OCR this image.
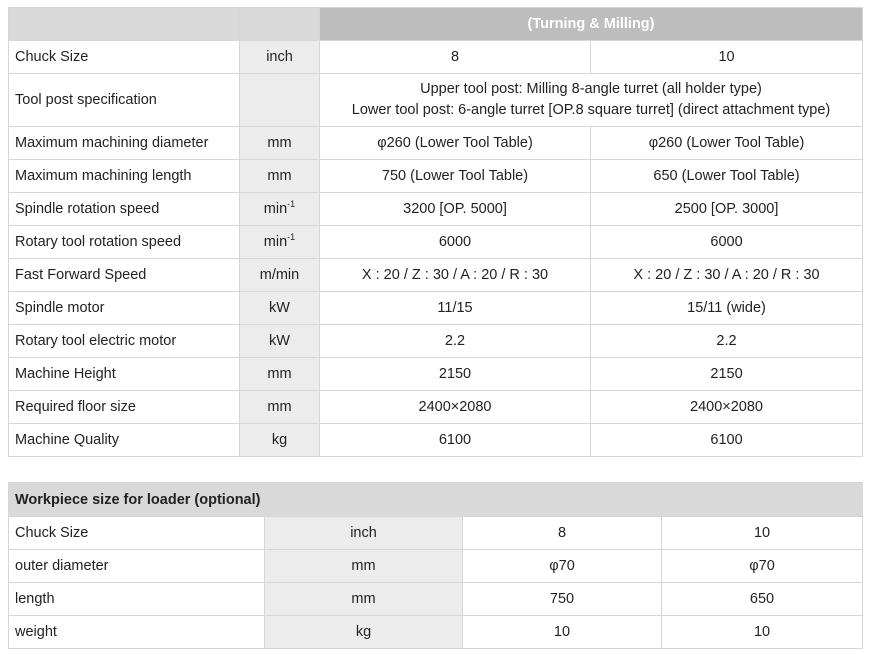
		(Turning & Milling)	
Chuck Size	inch	8	10
Tool post specification		Upper tool post: Milling 8-angle turret (all holder type)
Lower tool post: 6-angle turret [OP.8 square turret] (direct attachment type)	

Maximum machining diameter	mm	φ260 (Lower Tool Table)	φ260 (Lower Tool Table)
Maximum machining length	mm	750 (Lower Tool Table)	650 (Lower Tool Table)
Spindle rotation speed	$\min^{-1}$	3200 [OP. 5000]	2500 [OP. 3000]
Rotary tool rotation speed	$\min^{-1}$	6000	6000
Fast Forward Speed	m/min	X : 20 / Z : 30 / A : 20 / R : 30	X : 20 / Z : 30 / A : 20 / R : 30
Spindle motor	kW	11/15	15/11 (wide)
Rotary tool electric motor	kW	2.2	2.2
Machine Height	mm	2150	2150
Required floor size	mm	2400×2080	2400×2080
Machine Quality	kg	6100	6100
Workpiece size for loader (optional)			
Chuck Size	inch	8	10
outer diameter	mm	φ70	φ70
length	mm	750	650
weight	kg	10	10
